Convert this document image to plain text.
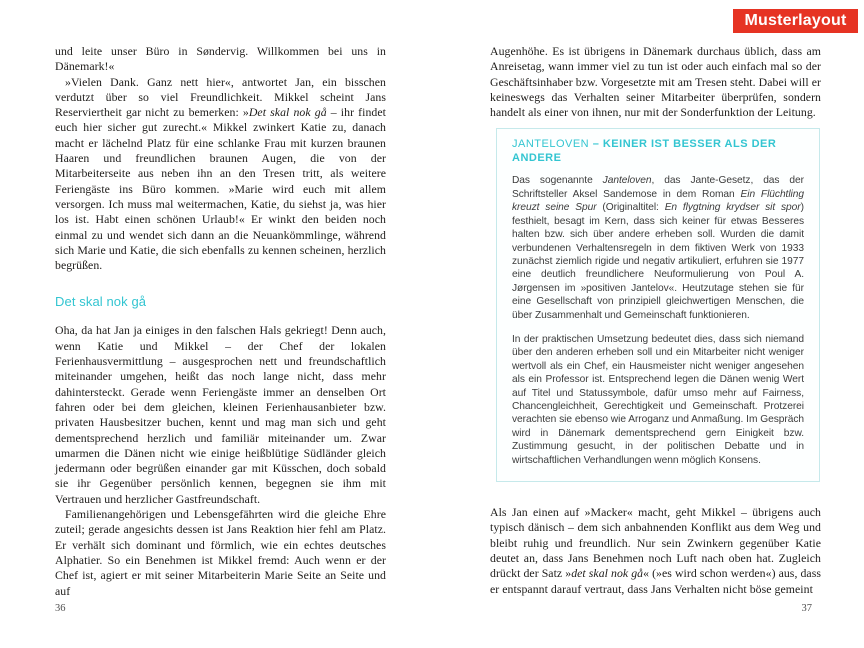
Musterlayout

und leite unser Büro in Søndervig. Willkommen bei uns in Dänemark!«

»Vielen Dank. Ganz nett hier«, antwortet Jan, ein bisschen verdutzt über so viel Freundlichkeit. Mikkel scheint Jans Reserviertheit gar nicht zu bemerken: »Det skal nok gå – ihr findet euch hier sicher gut zurecht.« Mikkel zwinkert Katie zu, danach macht er lächelnd Platz für eine schlanke Frau mit kurzen braunen Haaren und freundlichen braunen Augen, die von der Mitarbeiterseite aus neben ihn an den Tresen tritt, als weitere Feriengäste ins Büro kommen. »Marie wird euch mit allem versorgen. Ich muss mal weitermachen, Katie, du siehst ja, was hier los ist. Habt einen schönen Urlaub!« Er winkt den beiden noch einmal zu und wendet sich dann an die Neuankömmlinge, während sich Marie und Katie, die sich ebenfalls zu kennen scheinen, herzlich begrüßen.

Det skal nok gå

Oha, da hat Jan ja einiges in den falschen Hals gekriegt! Denn auch, wenn Katie und Mikkel – der Chef der lokalen Ferienhausvermittlung – ausgesprochen nett und freundschaftlich miteinander umgehen, heißt das noch lange nicht, dass mehr dahintersteckt. Gerade wenn Feriengäste immer an denselben Ort fahren oder bei dem gleichen, kleinen Ferienhausanbieter bzw. privaten Hausbesitzer buchen, kennt und mag man sich und geht dementsprechend herzlich und familiär miteinander um. Zwar umarmen die Dänen nicht wie einige heißblütige Südländer gleich jedermann oder begrüßen einander gar mit Küsschen, doch sobald sie ihr Gegenüber persönlich kennen, begegnen sie ihm mit Vertrauen und herzlicher Gastfreundschaft.

Familienangehörigen und Lebensgefährten wird die gleiche Ehre zuteil; gerade angesichts dessen ist Jans Reaktion hier fehl am Platz. Er verhält sich dominant und förmlich, wie ein echtes deutsches Alphatier. So ein Benehmen ist Mikkel fremd: Auch wenn er der Chef ist, agiert er mit seiner Mitarbeiterin Marie Seite an Seite und auf

Augenhöhe. Es ist übrigens in Dänemark durchaus üblich, dass am Anreisetag, wann immer viel zu tun ist oder auch einfach mal so der Geschäftsinhaber bzw. Vorgesetzte mit am Tresen steht. Dabei will er keineswegs das Verhalten seiner Mitarbeiter überprüfen, sondern handelt als einer von ihnen, nur mit der Sonderfunktion der Leitung.

JANTELOVEN – KEINER IST BESSER ALS DER ANDERE

Das sogenannte Janteloven, das Jante-Gesetz, das der Schriftsteller Aksel Sandemose in dem Roman Ein Flüchtling kreuzt seine Spur (Originaltitel: En flygtning krydser sit spor) festhielt, besagt im Kern, dass sich keiner für etwas Besseres halten bzw. sich über andere erheben soll. Wurden die damit verbundenen Verhaltensregeln in dem fiktiven Werk von 1933 zunächst ziemlich rigide und negativ artikuliert, erfuhren sie 1977 eine deutlich freundlichere Neuformulierung von Poul A. Jørgensen im »positiven Jantelov«. Heutzutage stehen sie für eine Gesellschaft von prinzipiell gleichwertigen Menschen, die über Zusammenhalt und Gemeinschaft funktionieren.

In der praktischen Umsetzung bedeutet dies, dass sich niemand über den anderen erheben soll und ein Mitarbeiter nicht weniger wertvoll als ein Chef, ein Hausmeister nicht weniger angesehen als ein Professor ist. Entsprechend legen die Dänen wenig Wert auf Titel und Statussymbole, dafür umso mehr auf Fairness, Chancengleichheit, Gerechtigkeit und Gemeinschaft. Protzerei verachten sie ebenso wie Arroganz und Anmaßung. Im Gespräch wird in Dänemark dementsprechend gern Einigkeit bzw. Zustimmung gesucht, in der politischen Debatte und in wirtschaftlichen Verhandlungen wenn möglich Konsens.

Als Jan einen auf »Macker« macht, geht Mikkel – übrigens auch typisch dänisch – dem sich anbahnenden Konflikt aus dem Weg und bleibt ruhig und freundlich. Nur sein Zwinkern gegenüber Katie deutet an, dass Jans Benehmen noch Luft nach oben hat. Zugleich drückt der Satz »det skal nok gå« (»es wird schon werden«) aus, dass er entspannt darauf vertraut, dass Jans Verhalten nicht böse gemeint

36	37
